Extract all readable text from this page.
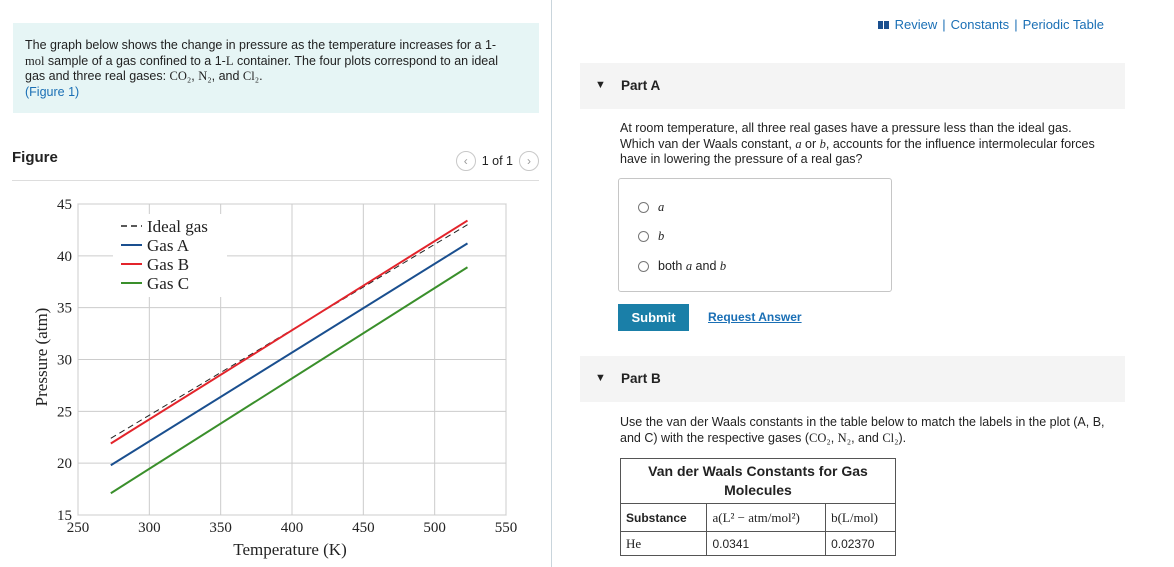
The graph below shows the change in pressure as the temperature increases for a 1-
mol sample of a gas confined to a 1-L container. The four plots correspond to an ideal
gas and three real gases: CO₂, N₂, and Cl₂.
(Figure 1)
Figure	‹	1 of 1	›
250	300	350	400	450	500	550
15
20
25
30
35
40
45
Ideal gas
Gas A
Gas B
Gas C
Temperature (K)
Pressure (atm)
Review | Constants | Periodic Table
▼ Part A
At room temperature, all three real gases have a pressure less than the ideal gas.
Which van der Waals constant, a or b, accounts for the influence intermolecular forces
have in lowering the pressure of a real gas?
a
b
both a and b
Submit	Request Answer
▼ Part B
Use the van der Waals constants in the table below to match the labels in the plot (A, B,
and C) with the respective gases (CO₂, N₂, and Cl₂).
Van der Waals Constants for Gas Molecules		
Substance	a(L² − atm/mol²)	b(L/mol)
He	0.0341	0.02370
